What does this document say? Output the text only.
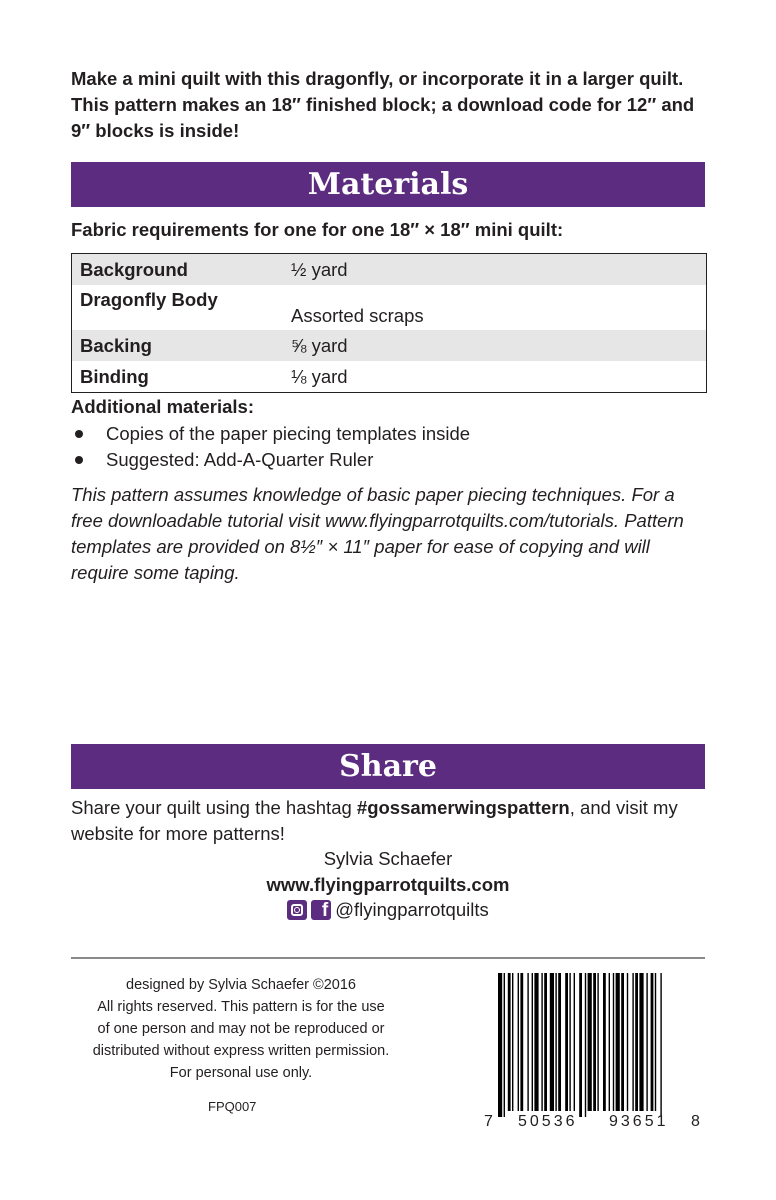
Make a mini quilt with this dragonfly, or incorporate it in a larger quilt. This pattern makes an 18″ finished block; a download code for 12″ and 9″ blocks is inside!
Materials
Fabric requirements for one for one 18″ × 18″ mini quilt:
Background	½ yard
Dragonfly Body	Assorted scraps
Backing	⅝ yard
Binding	⅛ yard
Additional materials:
Copies of the paper piecing templates inside
Suggested: Add-A-Quarter Ruler
This pattern assumes knowledge of basic paper piecing techniques. For a free downloadable tutorial visit www.flyingparrotquilts.com/tutorials. Pattern templates are provided on 8½″ × 11″ paper for ease of copying and will require some taping.
Share
Share your quilt using the hashtag #gossamerwingspattern, and visit my website for more patterns!
Sylvia Schaefer
www.flyingparrotquilts.com
f @flyingparrotquilts
designed by Sylvia Schaefer ©2016
All rights reserved. This pattern is for the use
of one person and may not be reproduced or
distributed without express written permission.
For personal use only.
FPQ007
7 50536 93651 8
